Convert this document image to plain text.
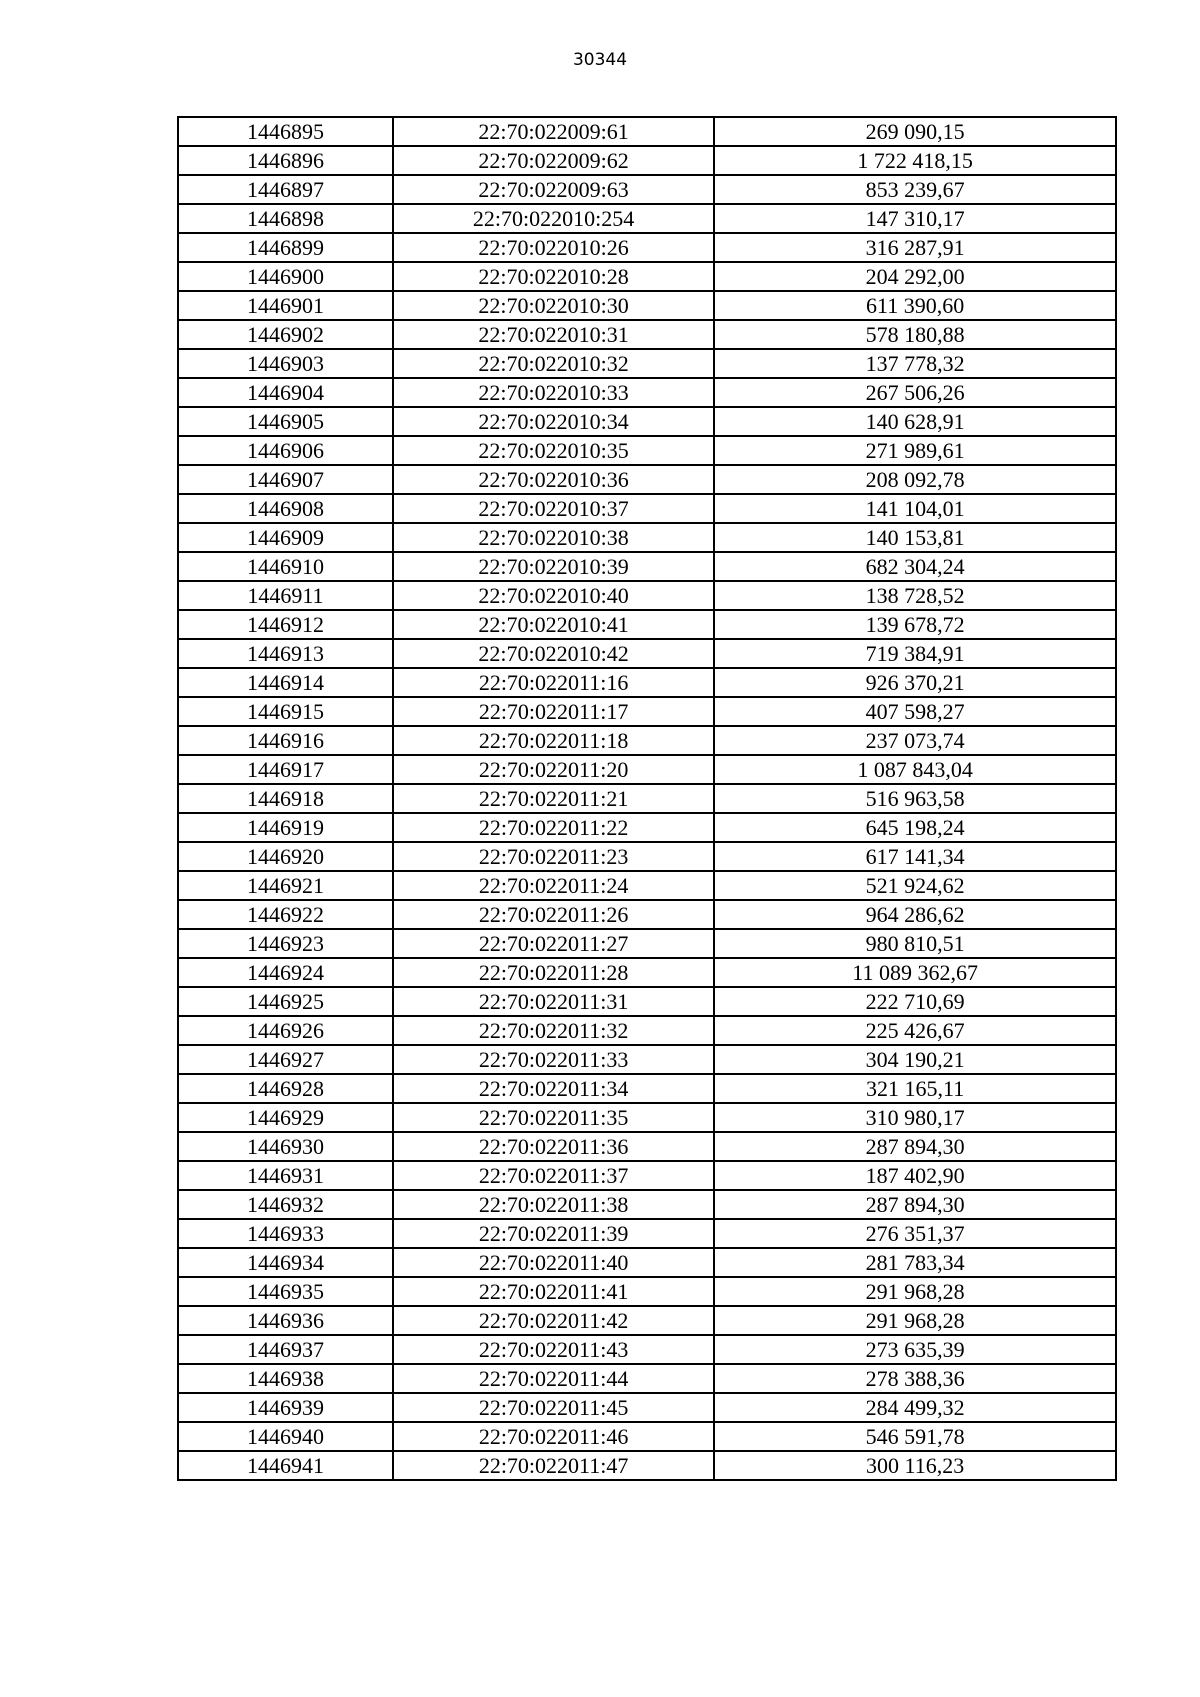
30344
1446895	22:70:022009:61	269 090,15
1446896	22:70:022009:62	1 722 418,15
1446897	22:70:022009:63	853 239,67
1446898	22:70:022010:254	147 310,17
1446899	22:70:022010:26	316 287,91
1446900	22:70:022010:28	204 292,00
1446901	22:70:022010:30	611 390,60
1446902	22:70:022010:31	578 180,88
1446903	22:70:022010:32	137 778,32
1446904	22:70:022010:33	267 506,26
1446905	22:70:022010:34	140 628,91
1446906	22:70:022010:35	271 989,61
1446907	22:70:022010:36	208 092,78
1446908	22:70:022010:37	141 104,01
1446909	22:70:022010:38	140 153,81
1446910	22:70:022010:39	682 304,24
1446911	22:70:022010:40	138 728,52
1446912	22:70:022010:41	139 678,72
1446913	22:70:022010:42	719 384,91
1446914	22:70:022011:16	926 370,21
1446915	22:70:022011:17	407 598,27
1446916	22:70:022011:18	237 073,74
1446917	22:70:022011:20	1 087 843,04
1446918	22:70:022011:21	516 963,58
1446919	22:70:022011:22	645 198,24
1446920	22:70:022011:23	617 141,34
1446921	22:70:022011:24	521 924,62
1446922	22:70:022011:26	964 286,62
1446923	22:70:022011:27	980 810,51
1446924	22:70:022011:28	11 089 362,67
1446925	22:70:022011:31	222 710,69
1446926	22:70:022011:32	225 426,67
1446927	22:70:022011:33	304 190,21
1446928	22:70:022011:34	321 165,11
1446929	22:70:022011:35	310 980,17
1446930	22:70:022011:36	287 894,30
1446931	22:70:022011:37	187 402,90
1446932	22:70:022011:38	287 894,30
1446933	22:70:022011:39	276 351,37
1446934	22:70:022011:40	281 783,34
1446935	22:70:022011:41	291 968,28
1446936	22:70:022011:42	291 968,28
1446937	22:70:022011:43	273 635,39
1446938	22:70:022011:44	278 388,36
1446939	22:70:022011:45	284 499,32
1446940	22:70:022011:46	546 591,78
1446941	22:70:022011:47	300 116,23
